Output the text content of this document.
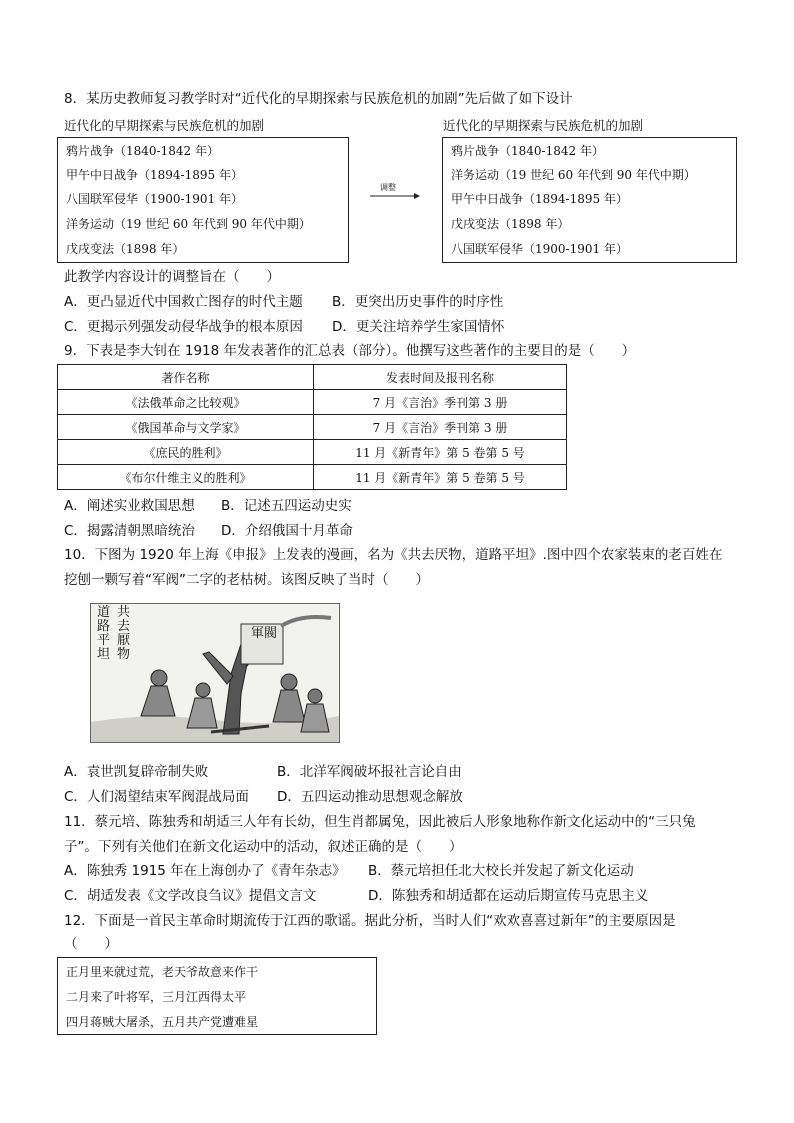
8．某历史教师复习教学时对“近代化的早期探索与民族危机的加剧”先后做了如下设计
近代化的早期探索与民族危机的加剧	近代化的早期探索与民族危机的加剧
鸦片战争（1840-1842 年）
甲午中日战争（1894-1895 年）
八国联军侵华（1900-1901 年）
洋务运动（19 世纪 60 年代到 90 年代中期）
戊戌变法（1898 年）
调整
鸦片战争（1840-1842 年）
洋务运动（19 世纪 60 年代到 90 年代中期）
甲午中日战争（1894-1895 年）
戊戌变法（1898 年）
八国联军侵华（1900-1901 年）
此教学内容设计的调整旨在（　　）
A．更凸显近代中国救亡图存的时代主题 B．更突出历史事件的时序性
C．更揭示列强发动侵华战争的根本原因 D．更关注培养学生家国情怀
9．下表是李大钊在 1918 年发表著作的汇总表（部分）。他撰写这些著作的主要目的是（　　）
著作名称	发表时间及报刊名称
《法俄革命之比较观》	7 月《言治》季刊第 3 册
《俄国革命与文学家》	7 月《言治》季刊第 3 册
《庶民的胜利》	11 月《新青年》第 5 卷第 5 号
《布尔什维主义的胜利》	11 月《新青年》第 5 卷第 5 号
A．阐述实业救国思想 B．记述五四运动史实
C．揭露清朝黑暗统治 D．介绍俄国十月革命
10．下图为 1920 年上海《申报》上发表的漫画，名为《共去厌物，道路平坦》.图中四个农家装束的老百姓在
挖刨一颗写着“军阀”二字的老枯树。该图反映了当时（　　）
道路平坦
共去厭物
軍閥
A．袁世凯复辟帝制失败	B．北洋军阀破坏报社言论自由
C．人们渴望结束军阀混战局面 D．五四运动推动思想观念解放
11．蔡元培、陈独秀和胡适三人年有长幼，但生肖都属兔，因此被后人形象地称作新文化运动中的“三只兔
子”。下列有关他们在新文化运动中的活动，叙述正确的是（　　）
A．陈独秀 1915 年在上海创办了《青年杂志》 B．蔡元培担任北大校长并发起了新文化运动
C．胡适发表《文学改良刍议》提倡文言文	D．陈独秀和胡适都在运动后期宣传马克思主义
12．下面是一首民主革命时期流传于江西的歌谣。据此分析，当时人们“欢欢喜喜过新年”的主要原因是
（　　）
正月里来就过荒，老天爷故意来作干
二月来了叶将军，三月江西得太平
四月蒋贼大屠杀，五月共产党遭难星
